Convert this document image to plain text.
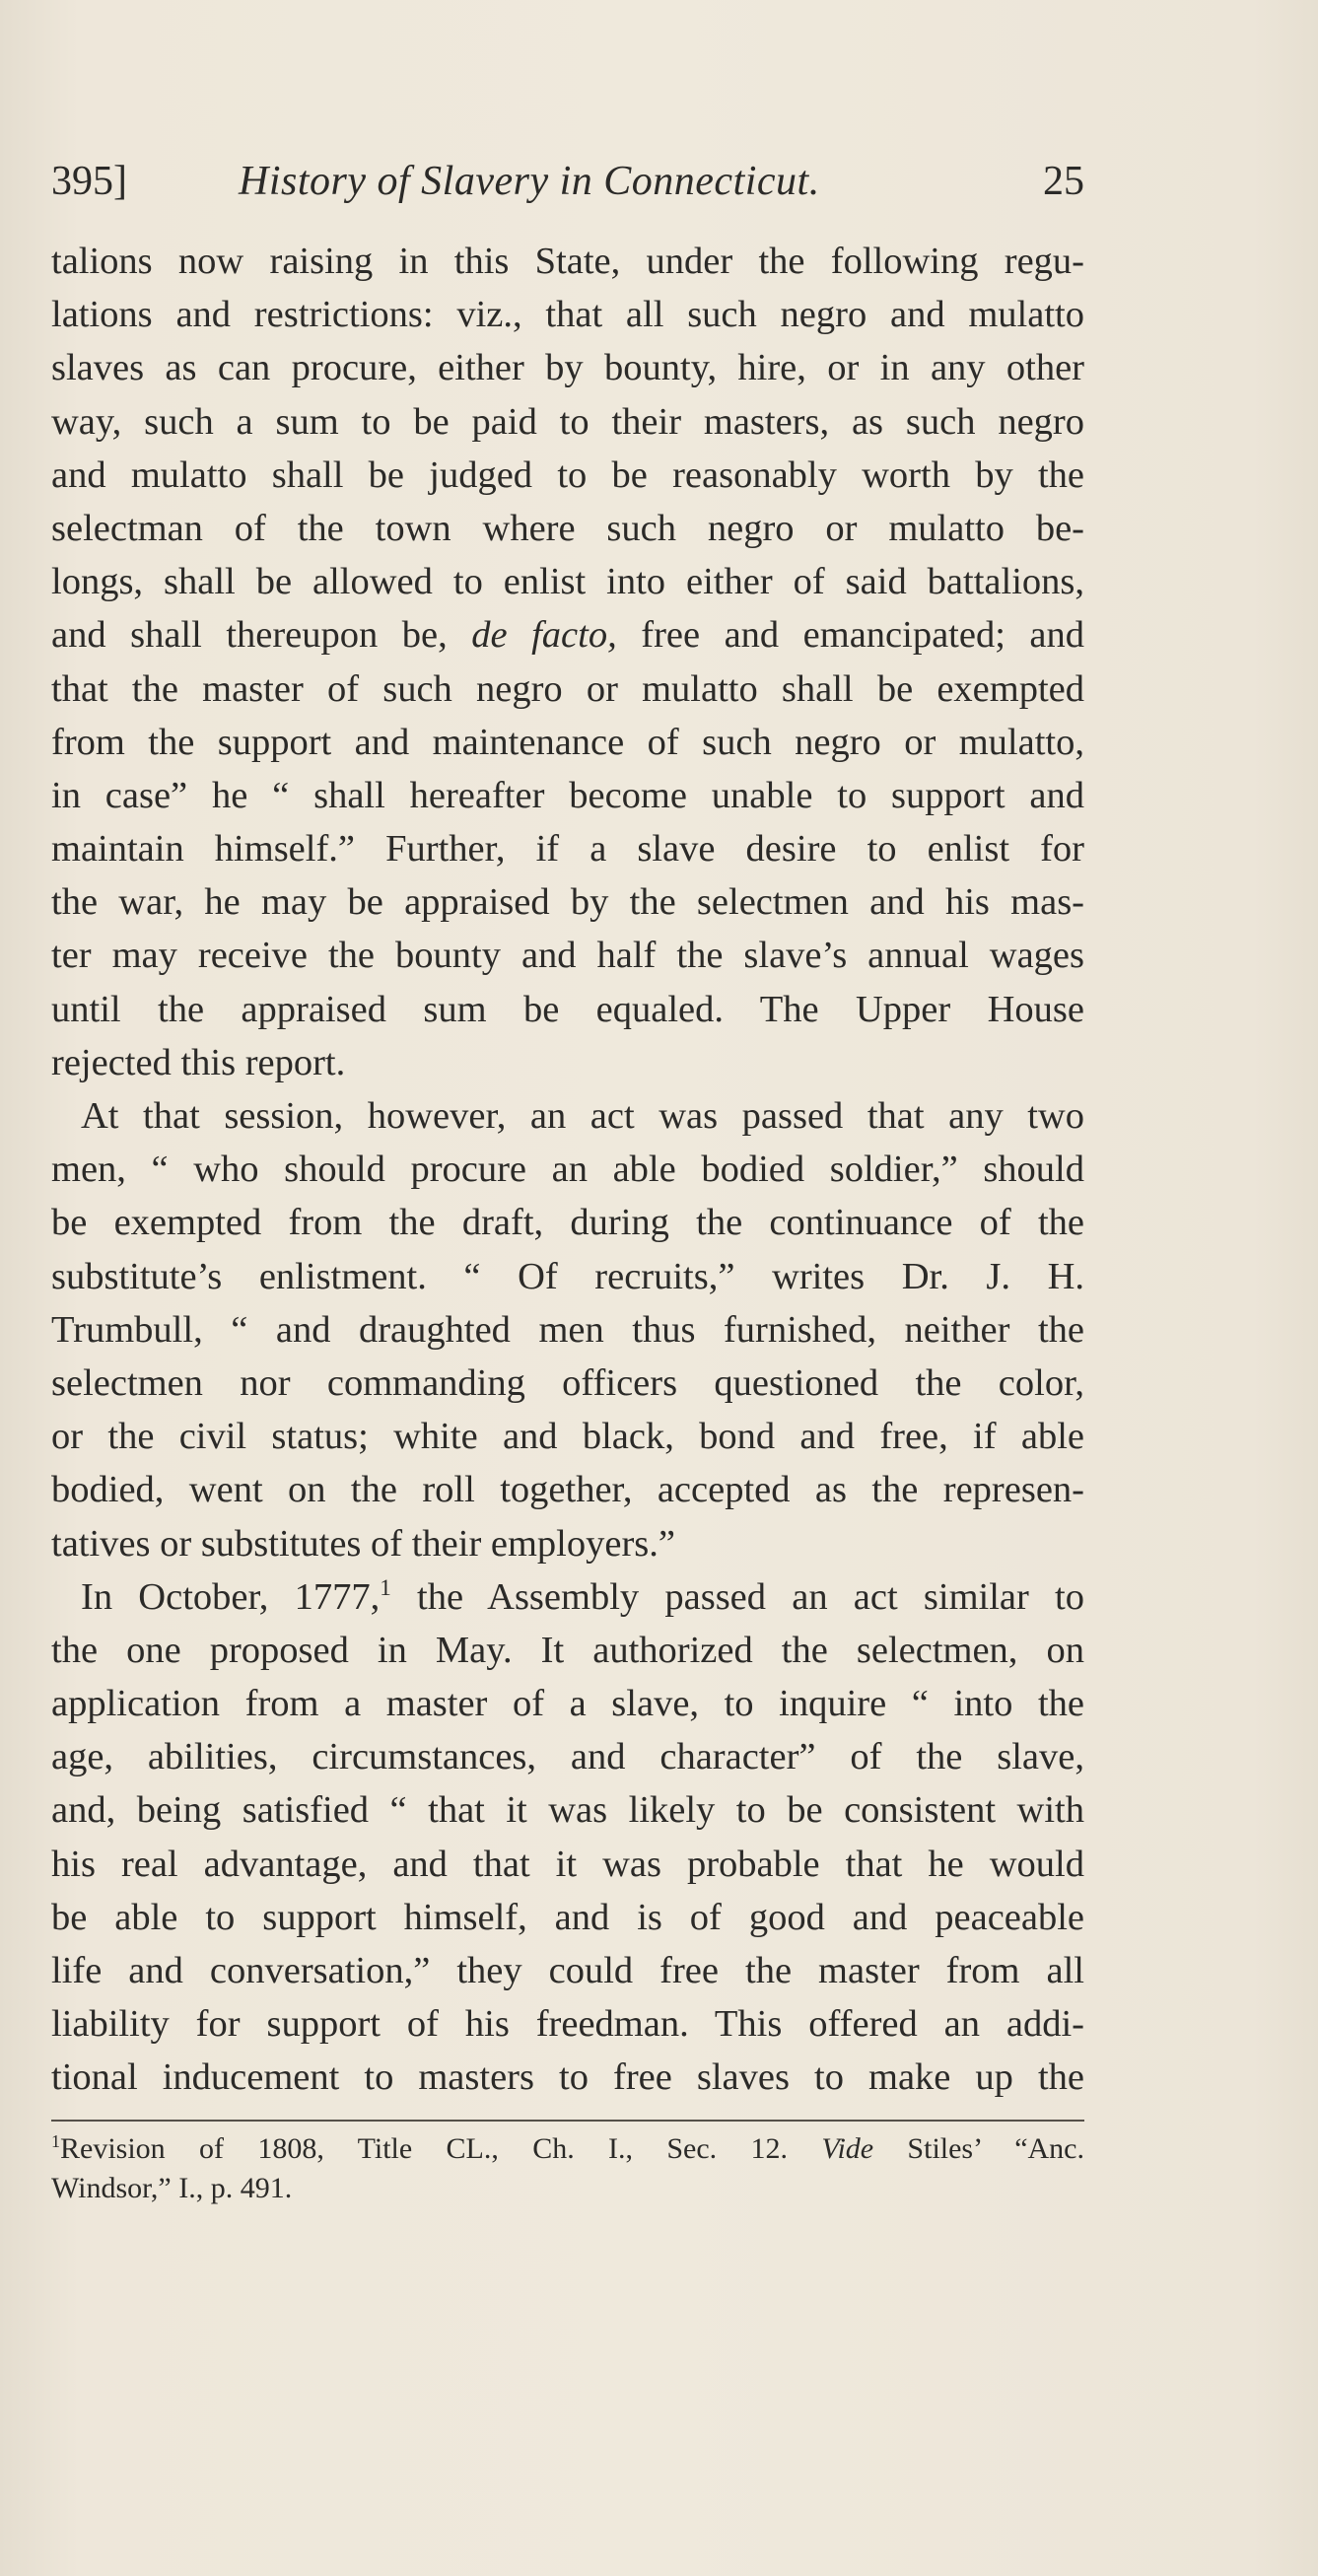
395]	History of Slavery in Connecticut.	25
talions now raising in this State, under the following regu-
lations and restrictions: viz., that all such negro and mulatto
slaves as can procure, either by bounty, hire, or in any other
way, such a sum to be paid to their masters, as such negro
and mulatto shall be judged to be reasonably worth by the
selectman of the town where such negro or mulatto be-
longs, shall be allowed to enlist into either of said battalions,
and shall thereupon be, de facto, free and emancipated; and
that the master of such negro or mulatto shall be exempted
from the support and maintenance of such negro or mulatto,
in case” he “ shall hereafter become unable to support and
maintain himself.” Further, if a slave desire to enlist for
the war, he may be appraised by the selectmen and his mas-
ter may receive the bounty and half the slave’s annual wages
until the appraised sum be equaled. The Upper House
rejected this report.
At that session, however, an act was passed that any two
men, “ who should procure an able bodied soldier,” should
be exempted from the draft, during the continuance of the
substitute’s enlistment. “ Of recruits,” writes Dr. J. H.
Trumbull, “ and draughted men thus furnished, neither the
selectmen nor commanding officers questioned the color,
or the civil status; white and black, bond and free, if able
bodied, went on the roll together, accepted as the represen-
tatives or substitutes of their employers.”
In October, 1777,$^1$ the Assembly passed an act similar to
the one proposed in May. It authorized the selectmen, on
application from a master of a slave, to inquire “ into the
age, abilities, circumstances, and character” of the slave,
and, being satisfied “ that it was likely to be consistent with
his real advantage, and that it was probable that he would
be able to support himself, and is of good and peaceable
life and conversation,” they could free the master from all
liability for support of his freedman. This offered an addi-
tional inducement to masters to free slaves to make up the
$^1$Revision of 1808, Title CL., Ch. I., Sec. 12. Vide Stiles’ “Anc.
Windsor,” I., p. 491.
